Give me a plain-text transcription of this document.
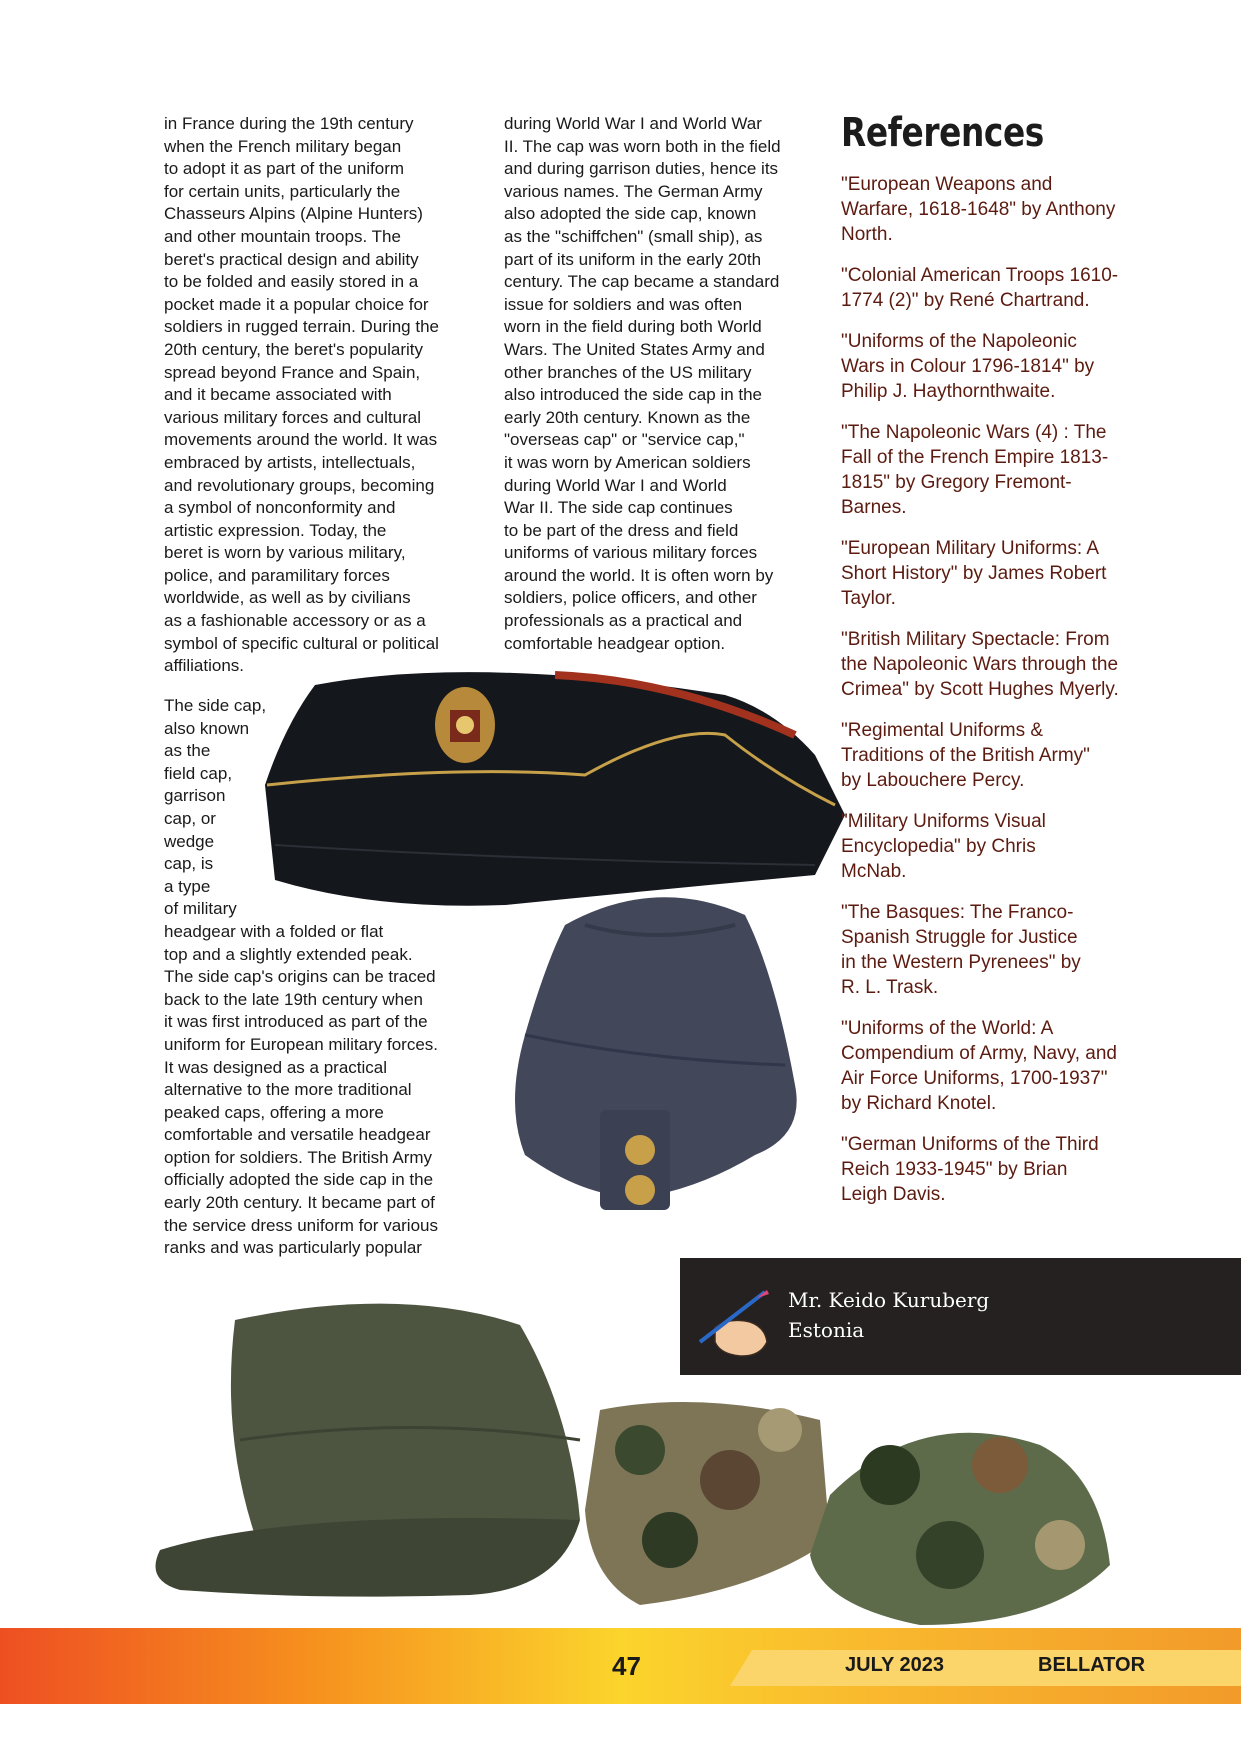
in France during the 19th century
when the French military began
to adopt it as part of the uniform
for certain units, particularly the
Chasseurs Alpins (Alpine Hunters)
and other mountain troops. The
beret's practical design and ability
to be folded and easily stored in a
pocket made it a popular choice for
soldiers in rugged terrain. During the
20th century, the beret's popularity
spread beyond France and Spain,
and it became associated with
various military forces and cultural
movements around the world. It was
embraced by artists, intellectuals,
and revolutionary groups, becoming
a symbol of nonconformity and
artistic expression. Today, the
beret is worn by various military,
police, and paramilitary forces
worldwide, as well as by civilians
as a fashionable accessory or as a
symbol of specific cultural or political
affiliations.

during World War I and World War
II. The cap was worn both in the field
and during garrison duties, hence its
various names. The German Army
also adopted the side cap, known
as the "schiffchen" (small ship), as
part of its uniform in the early 20th
century. The cap became a standard
issue for soldiers and was often
worn in the field during both World
Wars. The United States Army and
other branches of the US military
also introduced the side cap in the
early 20th century. Known as the
"overseas cap" or "service cap,"
it was worn by American soldiers
during World War I and World
War II. The side cap continues
to be part of the dress and field
uniforms of various military forces
around the world. It is often worn by
soldiers, police officers, and other
professionals as a practical and
comfortable headgear option.

The side cap,
also known
as the
field cap,
garrison
cap, or
wedge
cap, is
a type
of military
headgear with a folded or flat
top and a slightly extended peak.
The side cap's origins can be traced
back to the late 19th century when
it was first introduced as part of the
uniform for European military forces.
It was designed as a practical
alternative to the more traditional
peaked caps, offering a more
comfortable and versatile headgear
option for soldiers. The British Army
officially adopted the side cap in the
early 20th century. It became part of
the service dress uniform for various
ranks and was particularly popular

References
"European Weapons and
Warfare, 1618-1648" by Anthony
North.
"Colonial American Troops 1610-
1774 (2)" by René Chartrand.
"Uniforms of the Napoleonic
Wars in Colour 1796-1814" by
Philip J. Haythornthwaite.
"The Napoleonic Wars (4) : The
Fall of the French Empire 1813-
1815" by Gregory Fremont-
Barnes.
"European Military Uniforms: A
Short History" by James Robert
Taylor.
"British Military Spectacle: From
the Napoleonic Wars through the
Crimea" by Scott Hughes Myerly.
"Regimental Uniforms &
Traditions of the British Army"
by Labouchere Percy.
"Military Uniforms Visual
Encyclopedia" by Chris
McNab.
"The Basques: The Franco-
Spanish Struggle for Justice
in the Western Pyrenees" by
R. L. Trask.
"Uniforms of the World: A
Compendium of Army, Navy, and
Air Force Uniforms, 1700-1937"
by Richard Knotel.
"German Uniforms of the Third
Reich 1933-1945" by Brian
Leigh Davis.
Mr. Keido Kuruberg
Estonia
47	JULY 2023	BELLATOR
